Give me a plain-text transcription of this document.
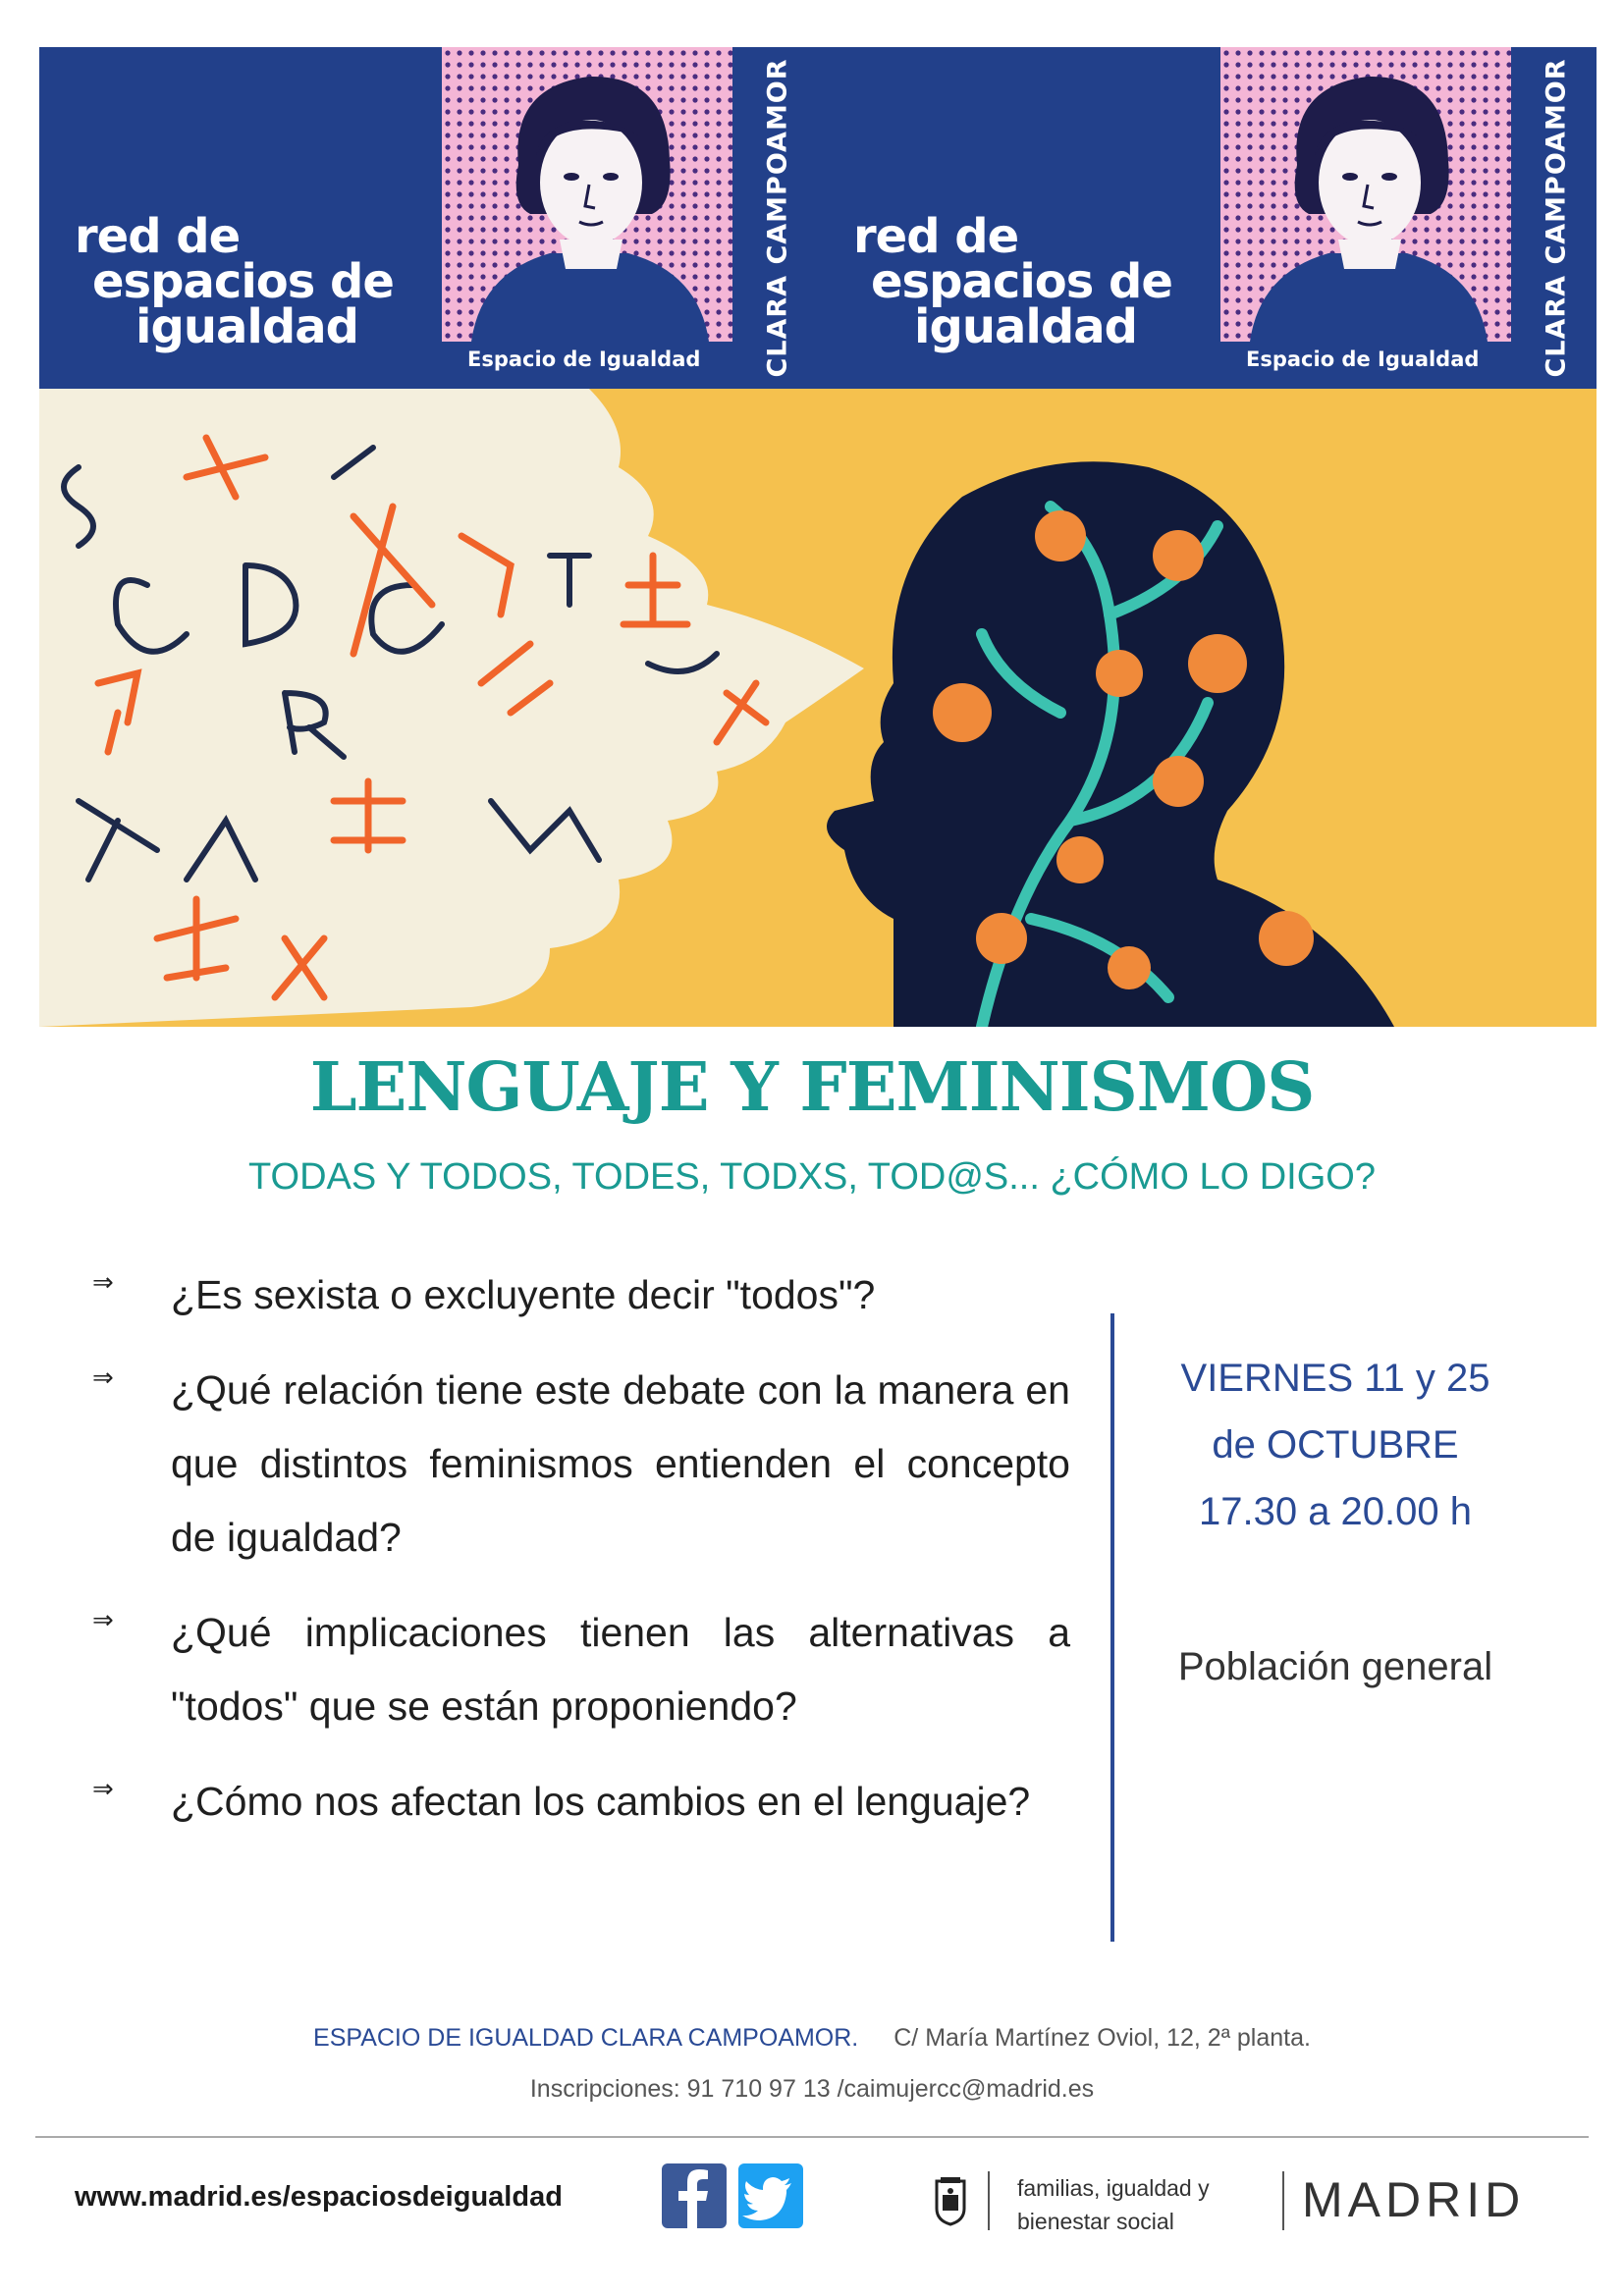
red de
espacios de
igualdad
Espacio de Igualdad CLARA CAMPOAMOR red de
espacios de
igualdad
Espacio de Igualdad CLARA CAMPOAMOR
LENGUAJE Y FEMINISMOS
TODAS Y TODOS, TODES, TODXS, TOD@S... ¿CÓMO LO DIGO?
⇒ ¿Es sexista o excluyente decir "todos"?
⇒ ¿Qué relación tiene este debate con la manera en que distintos feminismos entienden el concepto de igualdad?
⇒ ¿Qué implicaciones tienen las alternativas a "todos" que se están proponiendo?
⇒ ¿Cómo nos afectan los cambios en el lenguaje?
VIERNES 11 y 25
de OCTUBRE
17.30 a 20.00 h
Población general
ESPACIO DE IGUALDAD CLARA CAMPOAMOR. C/ María Martínez Oviol, 12, 2ª planta.
Inscripciones: 91 710 97 13 /caimujercc@madrid.es
www.madrid.es/espaciosdeigualdad	familias, igualdad y
bienestar social	MADRID
